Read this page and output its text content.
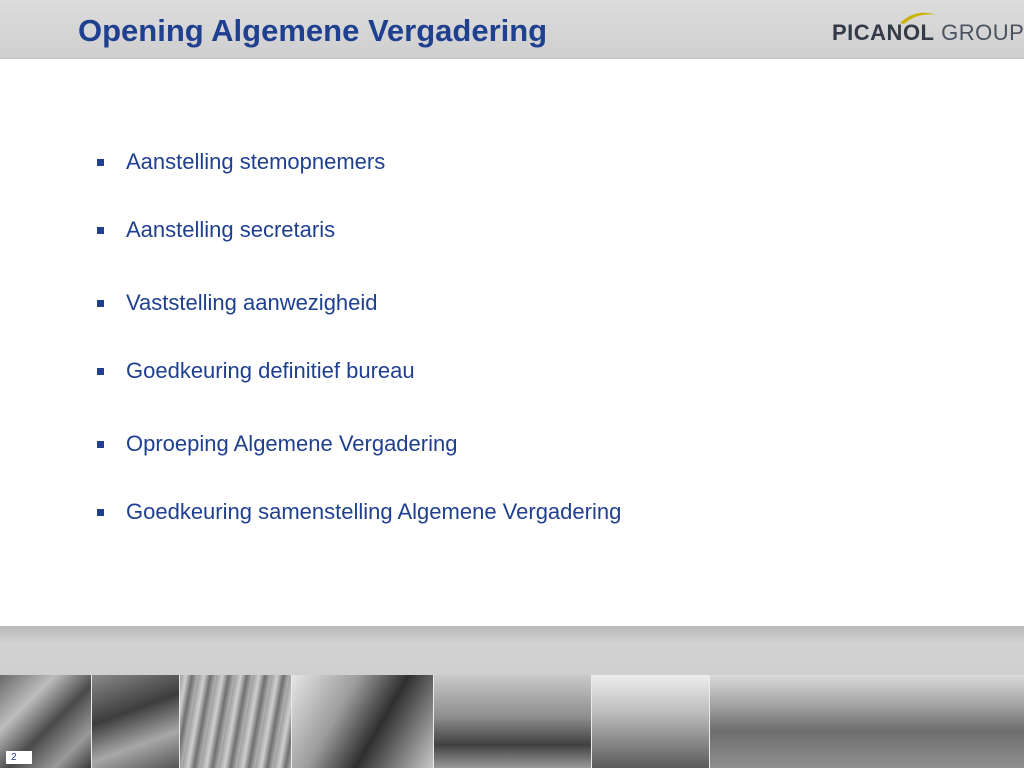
Opening Algemene Vergadering	PICANOL GROUP
Aanstelling stemopnemers
Aanstelling secretaris
Vaststelling aanwezigheid
Goedkeuring definitief bureau
Oproeping Algemene Vergadering
Goedkeuring samenstelling Algemene Vergadering
2
